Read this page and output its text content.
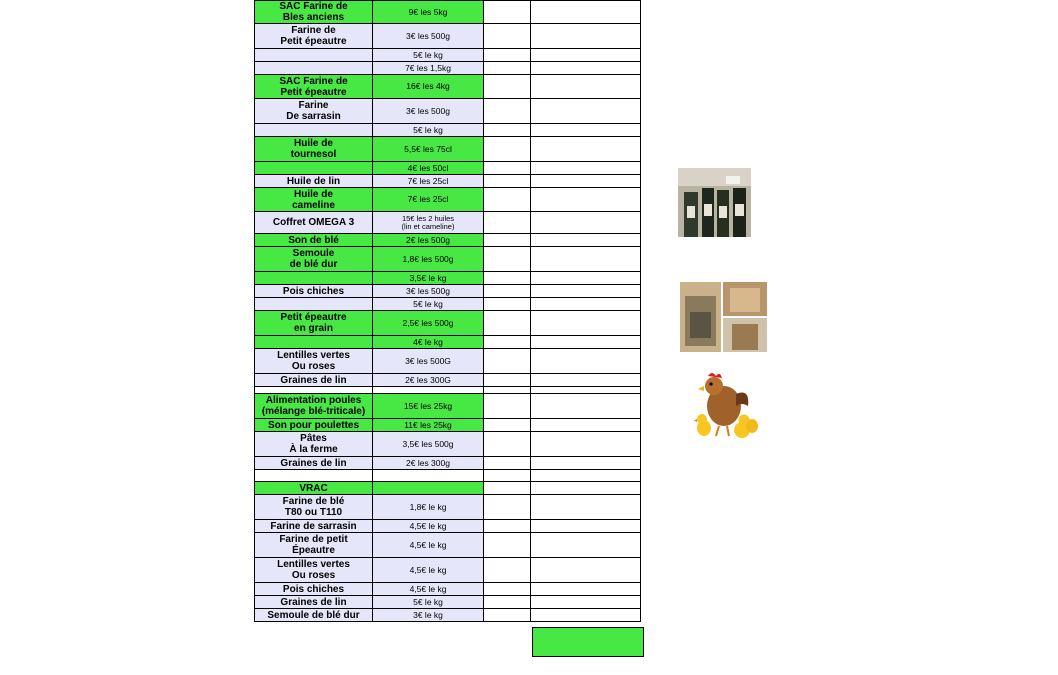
SAC Farine de
Bles anciens	9€ les 5kg		
Farine de
Petit épeautre	3€ les 500g		
	5€ le kg		
	7€ les 1,5kg		
SAC Farine de
Petit épeautre	16€ les 4kg		
Farine
De sarrasin	3€ les 500g		
	5€ le kg		
Huile de
tournesol	5,5€ les 75cl		
	4€ les 50cl		
Huile de lin	7€ les 25cl		
Huile de
cameline	7€ les 25cl		
Coffret OMEGA 3	15€ les 2 huiles
(lin et cameline)		
Son de blé	2€ les 500g		
Semoule
de blé dur	1,8€ les 500g		
	3,5€ le kg		
Pois chiches	3€ les 500g		
	5€ le kg		
Petit épeautre
en grain	2,5€ les 500g		
	4€ le kg		
Lentilles vertes
Ou roses	3€ les 500G		
Graines de lin	2€ les 300G		

Alimentation poules
(mélange blé-triticale)	15€ les 25kg		
Son pour poulettes	11€ les 25kg		
Pâtes
À la ferme	3,5€ les 500g		
Graines de lin	2€ les 300g		

VRAC			
Farine de blé
T80 ou T110	1,8€ le kg		
Farine de sarrasin	4,5€ le kg		
Farine de petit
Épeautre	4,5€ le kg		
Lentilles vertes
Ou roses	4,5€ le kg		
Pois chiches	4,5€ le kg		
Graines de lin	5€ le kg		
Semoule de blé dur	3€ le kg		
